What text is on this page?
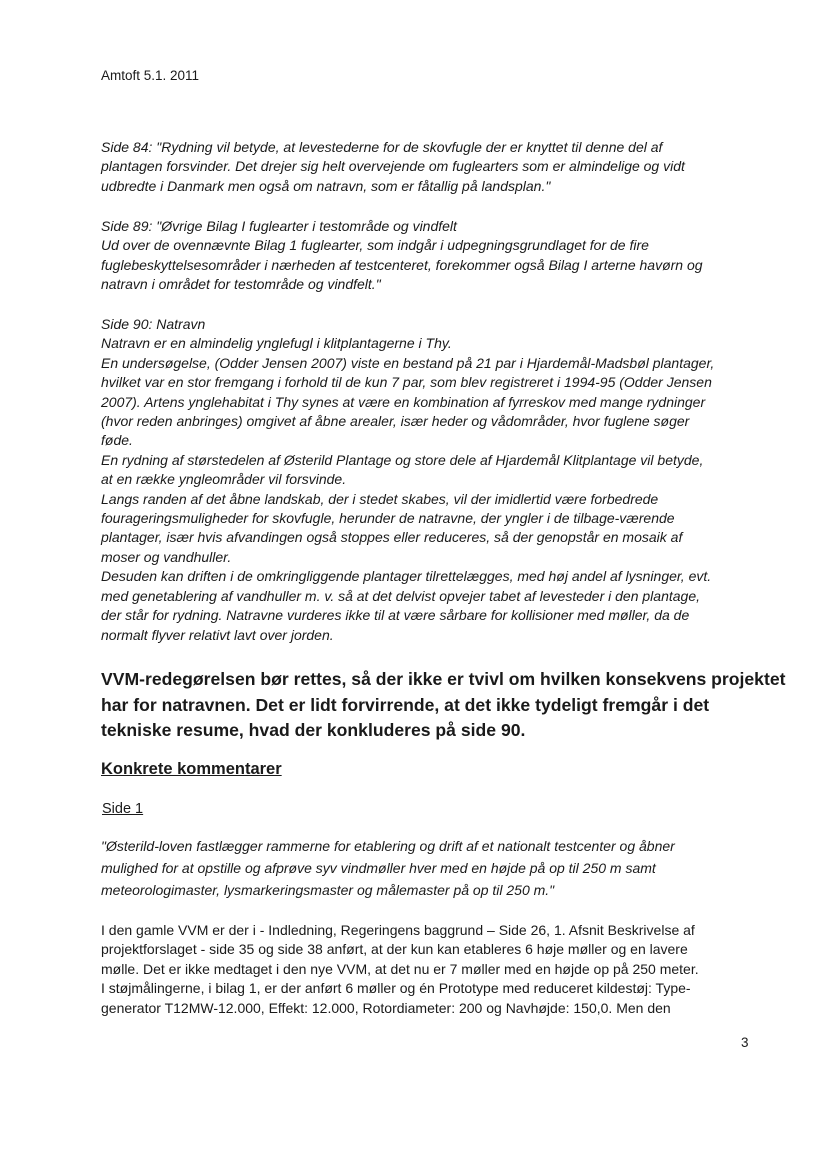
Amtoft 5.1. 2011
Side 84: "Rydning vil betyde, at levestederne for de skovfugle der er knyttet til denne del af
plantagen forsvinder. Det drejer sig helt overvejende om fuglearters som er almindelige og vidt
udbredte i Danmark men også om natravn, som er fåtallig på landsplan."
Side 89: "Øvrige Bilag I fuglearter i testområde og vindfelt
Ud over de ovennævnte Bilag 1 fuglearter, som indgår i udpegningsgrundlaget for de fire
fuglebeskyttelsesområder i nærheden af testcenteret, forekommer også Bilag I arterne havørn og
natravn i området for testområde og vindfelt."
Side 90: Natravn
Natravn er en almindelig ynglefugl i klitplantagerne i Thy.
En undersøgelse, (Odder Jensen 2007) viste en bestand på 21 par i Hjardemål-Madsbøl plantager,
hvilket var en stor fremgang i forhold til de kun 7 par, som blev registreret i 1994-95 (Odder Jensen
2007). Artens ynglehabitat i Thy synes at være en kombination af fyrreskov med mange rydninger
(hvor reden anbringes) omgivet af åbne arealer, især heder og vådområder, hvor fuglene søger
føde.
En rydning af størstedelen af Østerild Plantage og store dele af Hjardemål Klitplantage vil betyde,
at en række yngleområder vil forsvinde.
Langs randen af det åbne landskab, der i stedet skabes, vil der imidlertid være forbedrede
fourageringsmuligheder for skovfugle, herunder de natravne, der yngler i de tilbage-værende
plantager, især hvis afvandingen også stoppes eller reduceres, så der genopstår en mosaik af
moser og vandhuller.
Desuden kan driften i de omkringliggende plantager tilrettelægges, med høj andel af lysninger, evt.
med genetablering af vandhuller m. v. så at det delvist opvejer tabet af levesteder i den plantage,
der står for rydning. Natravne vurderes ikke til at være sårbare for kollisioner med møller, da de
normalt flyver relativt lavt over jorden.
VVM-redegørelsen bør rettes, så der ikke er tvivl om hvilken konsekvens projektet
har for natravnen. Det er lidt forvirrende, at det ikke tydeligt fremgår i det
tekniske resume, hvad der konkluderes på side 90.
Konkrete kommentarer
Side 1
"Østerild-loven fastlægger rammerne for etablering og drift af et nationalt testcenter og åbner
mulighed for at opstille og afprøve syv vindmøller hver med en højde på op til 250 m samt
meteorologimaster, lysmarkeringsmaster og målemaster på op til 250 m."
I den gamle VVM er der i - Indledning, Regeringens baggrund – Side 26, 1. Afsnit Beskrivelse af
projektforslaget - side 35 og side 38 anført, at der kun kan etableres 6 høje møller og en lavere
mølle. Det er ikke medtaget i den nye VVM, at det nu er 7 møller med en højde op på 250 meter.
I støjmålingerne, i bilag 1, er der anført 6 møller og én Prototype med reduceret kildestøj: Type-
generator T12MW-12.000, Effekt: 12.000, Rotordiameter: 200 og Navhøjde: 150,0. Men den
3
